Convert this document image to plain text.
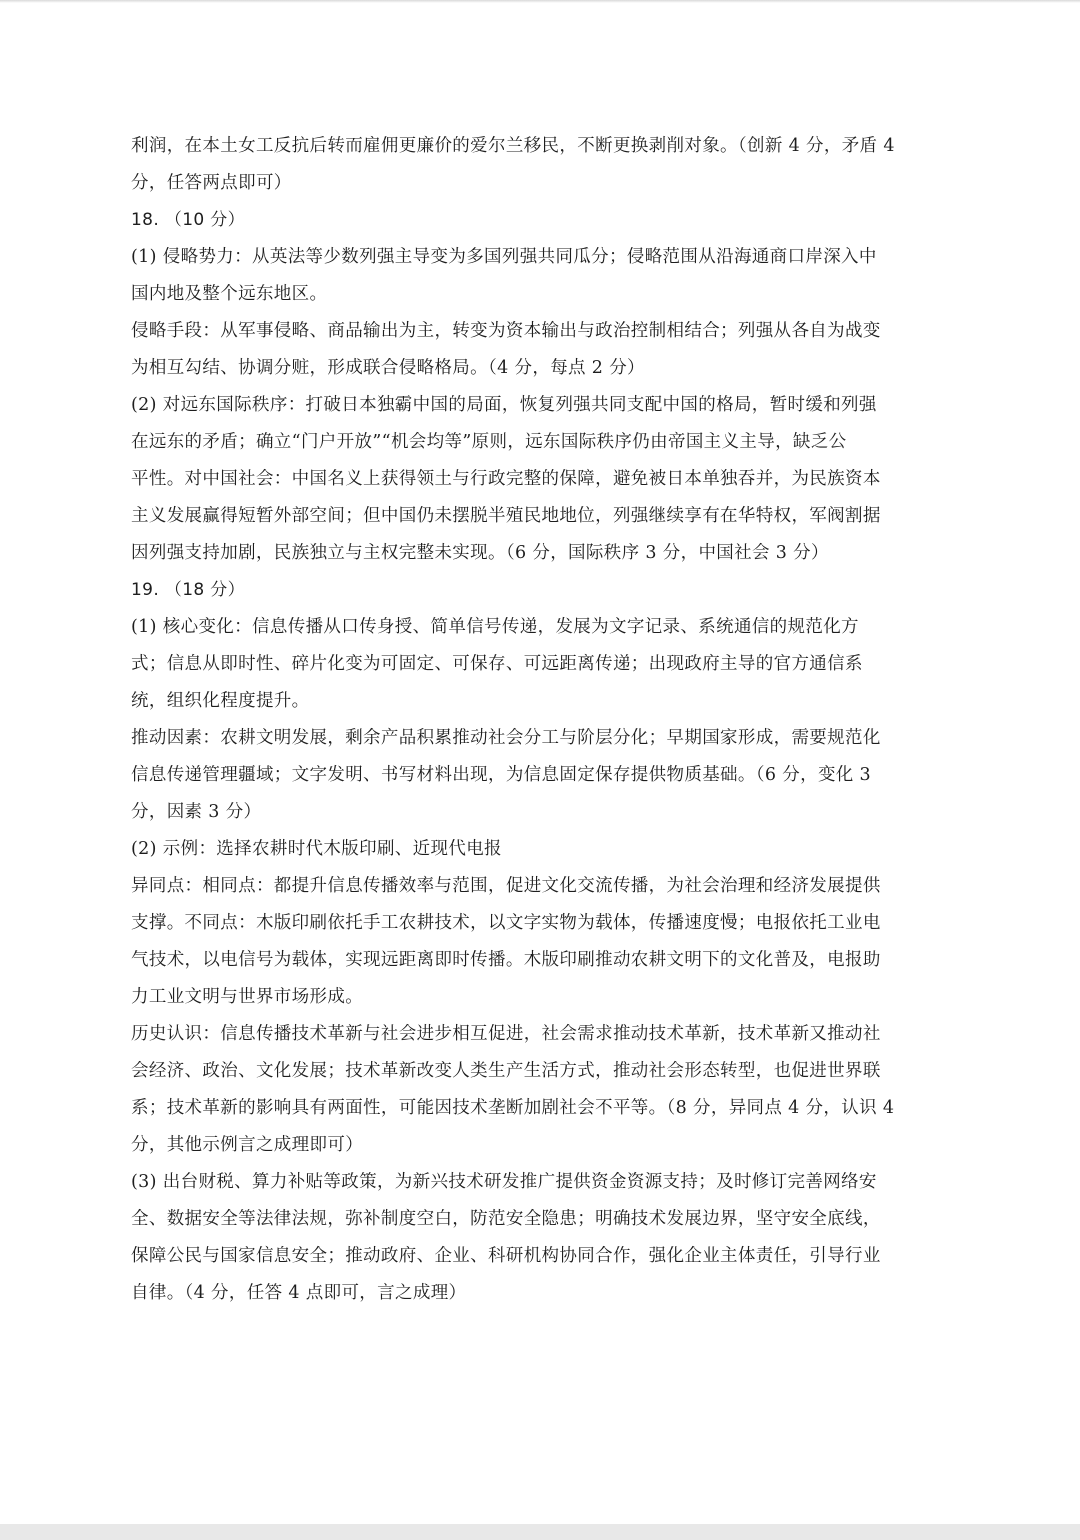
利润，在本土女工反抗后转而雇佣更廉价的爱尔兰移民，不断更换剥削对象。（创新 4 分，矛盾 4
分，任答两点即可）
18. （10 分）
(1) 侵略势力：从英法等少数列强主导变为多国列强共同瓜分；侵略范围从沿海通商口岸深入中
国内地及整个远东地区。
侵略手段：从军事侵略、商品输出为主，转变为资本输出与政治控制相结合；列强从各自为战变
为相互勾结、协调分赃，形成联合侵略格局。（4 分，每点 2 分）
(2) 对远东国际秩序：打破日本独霸中国的局面，恢复列强共同支配中国的格局，暂时缓和列强
在远东的矛盾；确立“门户开放”“机会均等”原则，远东国际秩序仍由帝国主义主导，缺乏公
平性。对中国社会：中国名义上获得领土与行政完整的保障，避免被日本单独吞并，为民族资本
主义发展赢得短暂外部空间；但中国仍未摆脱半殖民地地位，列强继续享有在华特权，军阀割据
因列强支持加剧，民族独立与主权完整未实现。（6 分，国际秩序 3 分，中国社会 3 分）
19. （18 分）
(1) 核心变化：信息传播从口传身授、简单信号传递，发展为文字记录、系统通信的规范化方
式；信息从即时性、碎片化变为可固定、可保存、可远距离传递；出现政府主导的官方通信系
统，组织化程度提升。
推动因素：农耕文明发展，剩余产品积累推动社会分工与阶层分化；早期国家形成，需要规范化
信息传递管理疆域；文字发明、书写材料出现，为信息固定保存提供物质基础。（6 分，变化 3
分，因素 3 分）
(2) 示例：选择农耕时代木版印刷、近现代电报
异同点：相同点：都提升信息传播效率与范围，促进文化交流传播，为社会治理和经济发展提供
支撑。不同点：木版印刷依托手工农耕技术，以文字实物为载体，传播速度慢；电报依托工业电
气技术，以电信号为载体，实现远距离即时传播。木版印刷推动农耕文明下的文化普及，电报助
力工业文明与世界市场形成。
历史认识：信息传播技术革新与社会进步相互促进，社会需求推动技术革新，技术革新又推动社
会经济、政治、文化发展；技术革新改变人类生产生活方式，推动社会形态转型，也促进世界联
系；技术革新的影响具有两面性，可能因技术垄断加剧社会不平等。（8 分，异同点 4 分，认识 4
分，其他示例言之成理即可）
(3) 出台财税、算力补贴等政策，为新兴技术研发推广提供资金资源支持；及时修订完善网络安
全、数据安全等法律法规，弥补制度空白，防范安全隐患；明确技术发展边界，坚守安全底线，
保障公民与国家信息安全；推动政府、企业、科研机构协同合作，强化企业主体责任，引导行业
自律。（4 分，任答 4 点即可，言之成理）
